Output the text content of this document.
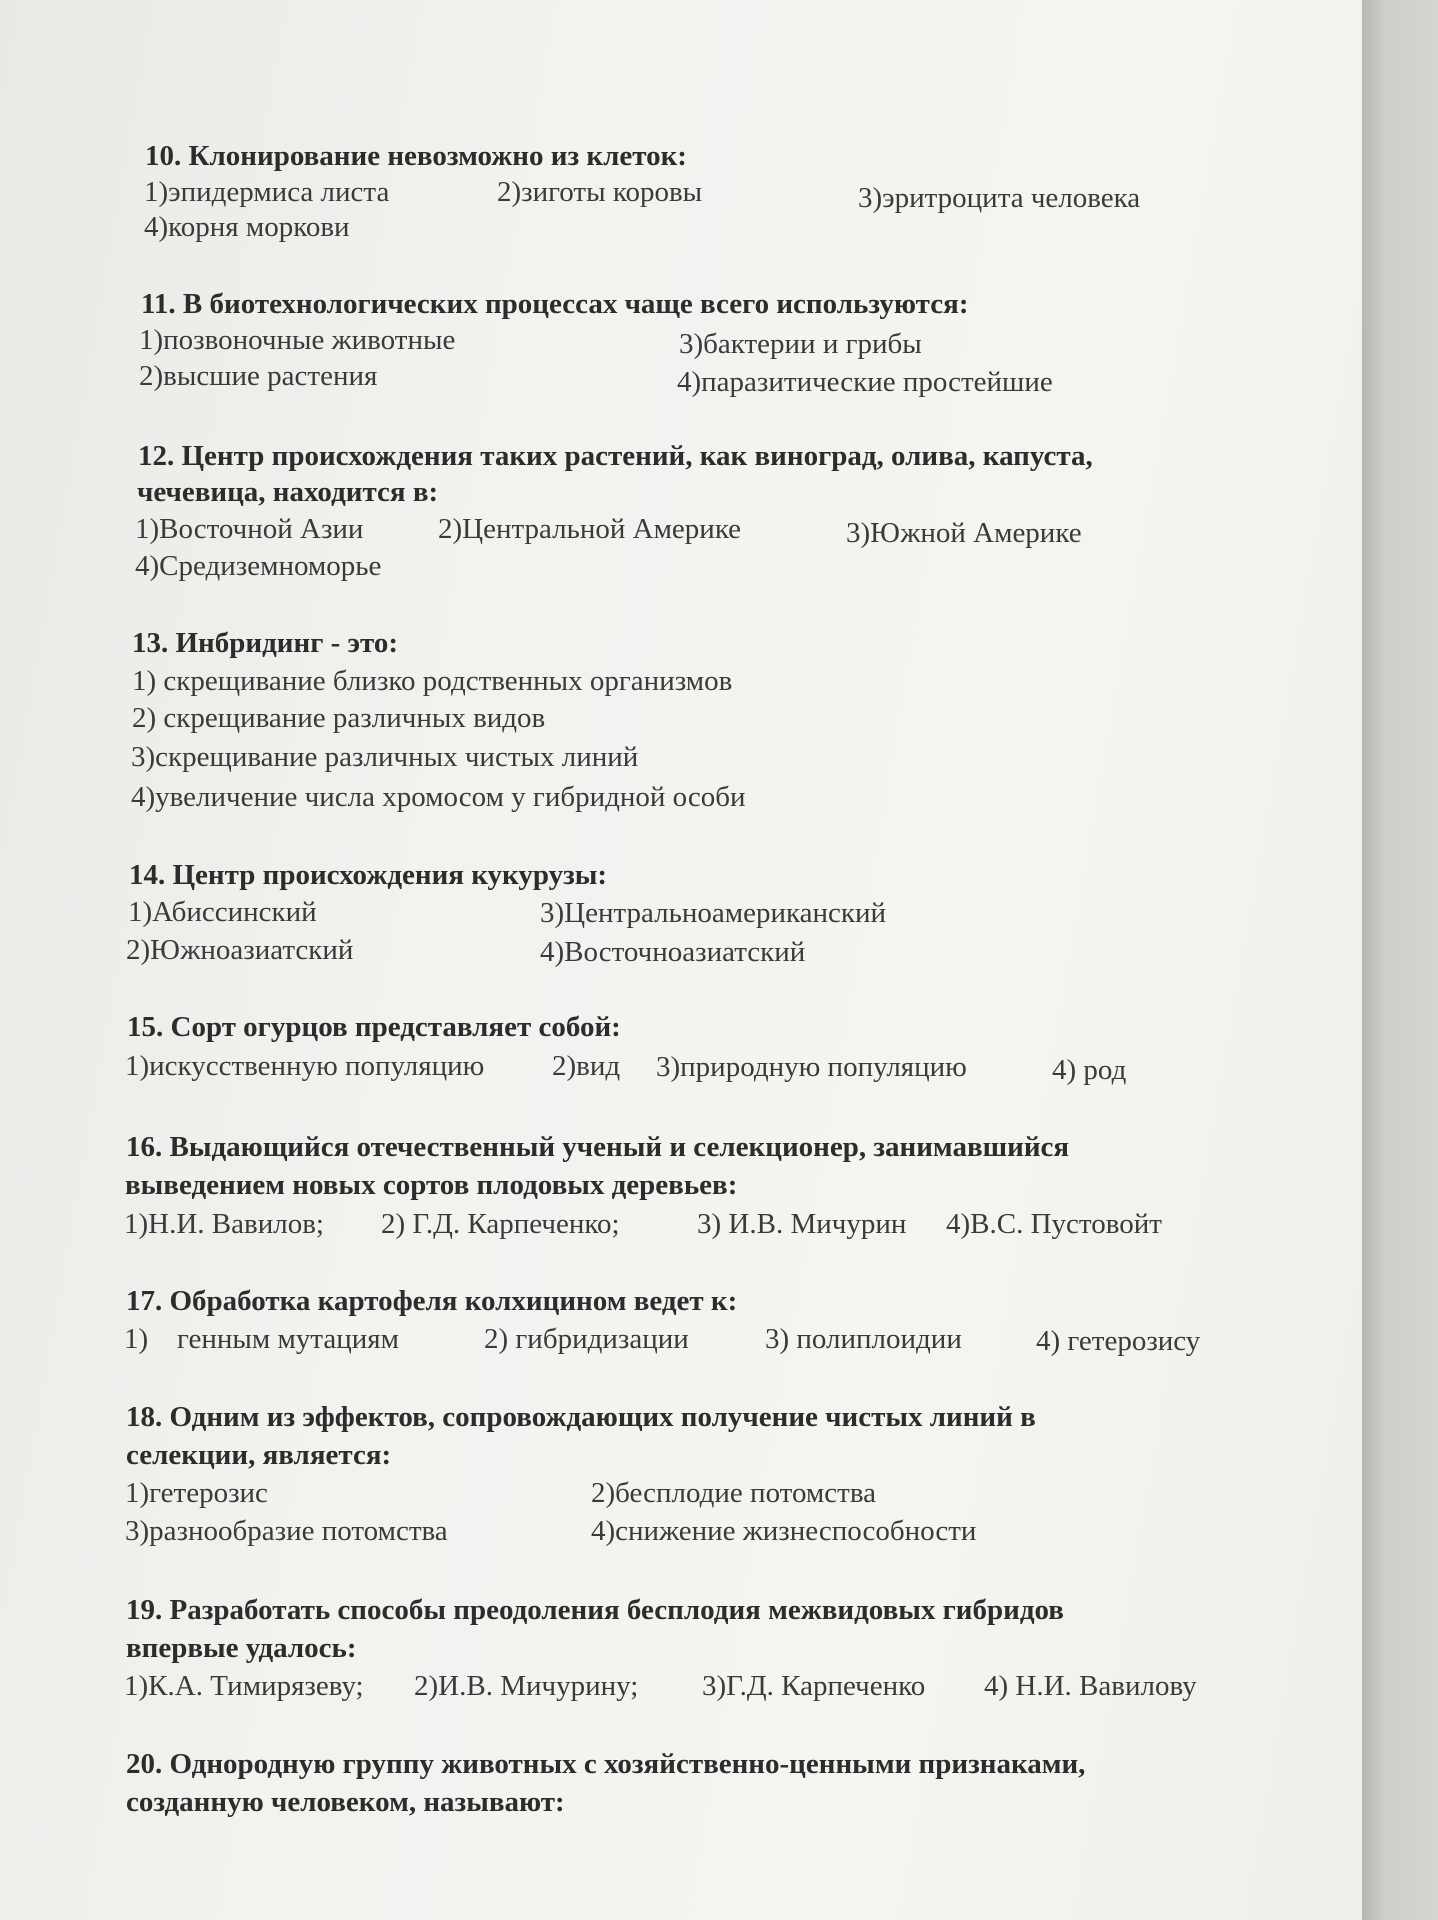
10. Клонирование невозможно из клеток:
1)эпидермиса листа	2)зиготы коровы	3)эритроцита человека
4)корня моркови
11. В биотехнологических процессах чаще всего используются:
1)позвоночные животные	3)бактерии и грибы
2)высшие растения	4)паразитические простейшие
12. Центр происхождения таких растений, как виноград, олива, капуста,
чечевица, находится в:
1)Восточной Азии	2)Центральной Америке	3)Южной Америке
4)Средиземноморье
13. Инбридинг - это:
1) скрещивание близко родственных организмов
2) скрещивание различных видов
3)скрещивание различных чистых линий
4)увеличение числа хромосом у гибридной особи
14. Центр происхождения кукурузы:
1)Абиссинский	3)Центральноамериканский
2)Южноазиатский	4)Восточноазиатский
15. Сорт огурцов представляет собой:
1)искусственную популяцию 2)вид 3)природную популяцию	4) род
16. Выдающийся отечественный ученый и селекционер, занимавшийся
выведением новых сортов плодовых деревьев:
1)Н.И. Вавилов; 2) Г.Д. Карпеченко;	3) И.В. Мичурин 4)В.С. Пустовойт
17. Обработка картофеля колхицином ведет к:
1) генным мутациям	2) гибридизации	3) полиплоидии	4) гетерозису
18. Одним из эффектов, сопровождающих получение чистых линий в
селекции, является:
1)гетерозис	2)бесплодие потомства
3)разнообразие потомства	4)снижение жизнеспособности
19. Разработать способы преодоления бесплодия межвидовых гибридов
впервые удалось:
1)К.А. Тимирязеву; 2)И.В. Мичурину; 3)Г.Д. Карпеченко 4) Н.И. Вавилову
20. Однородную группу животных с хозяйственно-ценными признаками,
созданную человеком, называют:
